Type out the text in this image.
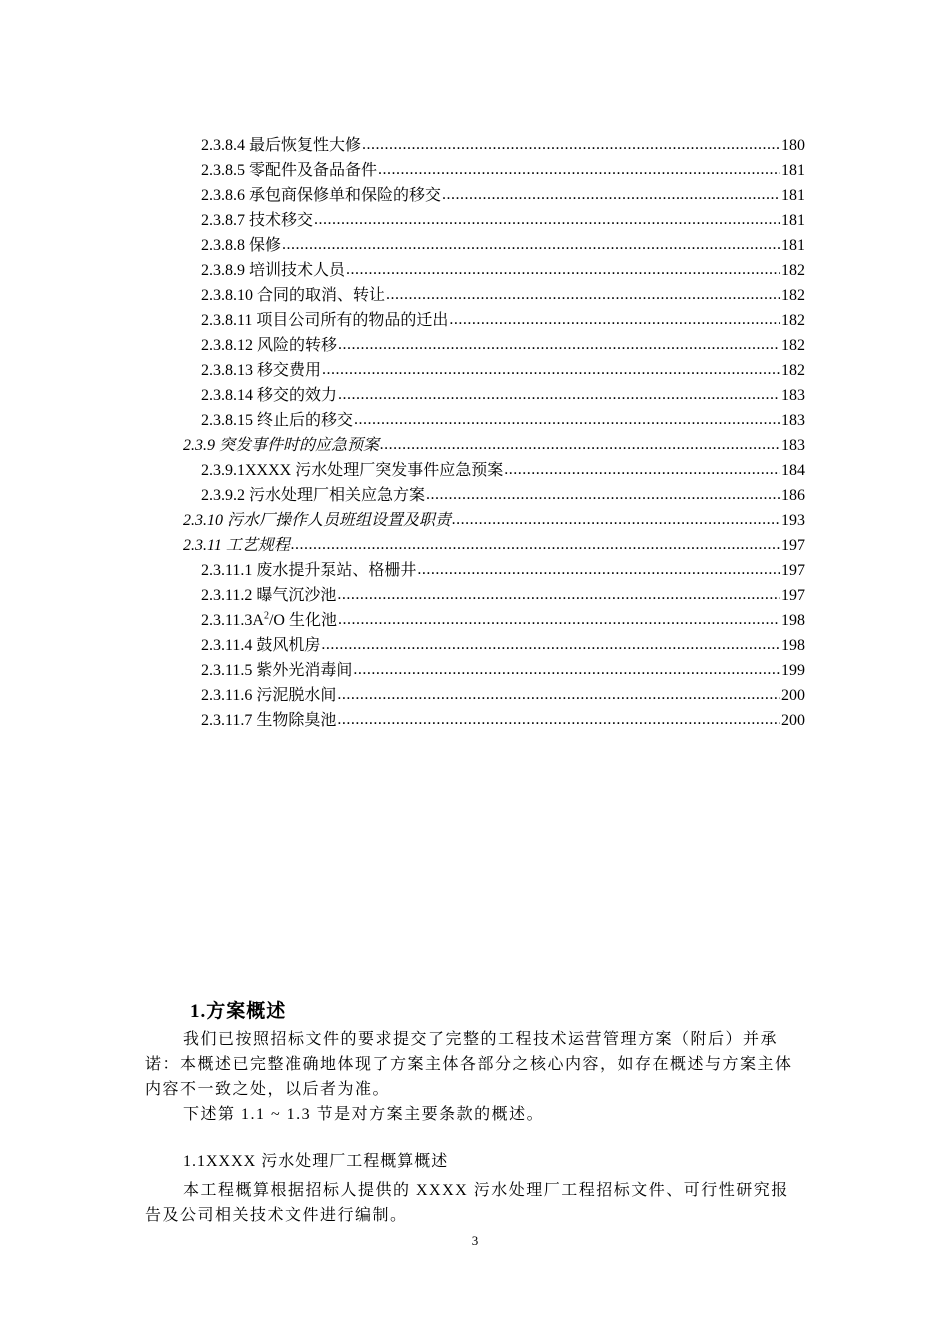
2.3.8.4 最后恢复性大修 .....	180
2.3.8.5 零配件及备品备件 .....	181
2.3.8.6 承包商保修单和保险的移交 .....	181
2.3.8.7 技术移交 .....	181
2.3.8.8 保修 .....	181
2.3.8.9 培训技术人员 .....	182
2.3.8.10 合同的取消、转让 .....	182
2.3.8.11 项目公司所有的物品的迁出 .....	182
2.3.8.12 风险的转移 .....	182
2.3.8.13 移交费用 .....	182
2.3.8.14 移交的效力 .....	183
2.3.8.15 终止后的移交 .....	183
2.3.9 突发事件时的应急预案 .....	183
2.3.9.1XXXX 污水处理厂突发事件应急预案 .....	184
2.3.9.2 污水处理厂相关应急方案 .....	186
2.3.10 污水厂操作人员班组设置及职责 .....	193
2.3.11 工艺规程 .....	197
2.3.11.1 废水提升泵站、格栅井 .....	197
2.3.11.2 曝气沉沙池 .....	197
$2.3.11.3A^2/O$ 生化池 .....	198
2.3.11.4 鼓风机房 .....	198
2.3.11.5 紫外光消毒间 .....	199
2.3.11.6 污泥脱水间 .....	200
2.3.11.7 生物除臭池 .....	200
1.方案概述

我们已按照招标文件的要求提交了完整的工程技术运营管理方案（附后）并承诺：本概述已完整准确地体现了方案主体各部分之核心内容，如存在概述与方案主体内容不一致之处，以后者为准。

下述第 1.1 ~ 1.3 节是对方案主要条款的概述。

1.1XXXX 污水处理厂工程概算概述

本工程概算根据招标人提供的 XXXX 污水处理厂工程招标文件、可行性研究报告及公司相关技术文件进行编制。

3
